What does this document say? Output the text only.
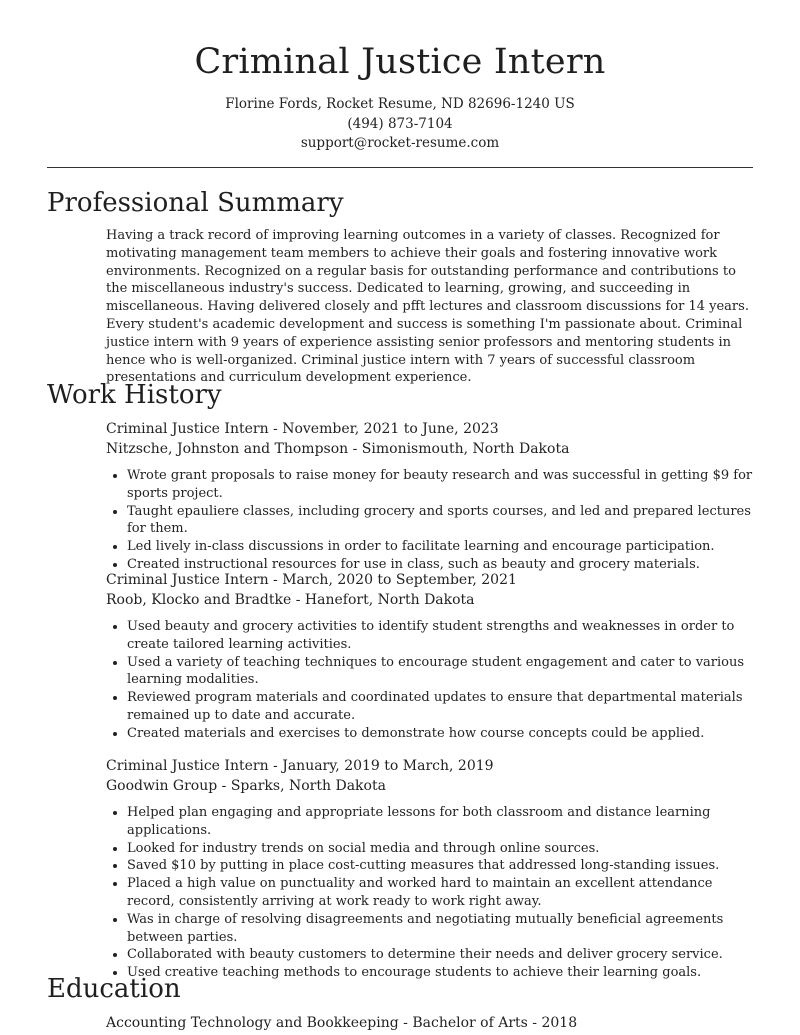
Criminal Justice Intern
Florine Fords, Rocket Resume, ND 82696-1240 US
(494) 873-7104
support@rocket-resume.com
Professional Summary

Having a track record of improving learning outcomes in a variety of classes. Recognized for motivating management team members to achieve their goals and fostering innovative work environments. Recognized on a regular basis for outstanding performance and contributions to the miscellaneous industry's success. Dedicated to learning, growing, and succeeding in miscellaneous. Having delivered closely and pfft lectures and classroom discussions for 14 years. Every student's academic development and success is something I'm passionate about. Criminal justice intern with 9 years of experience assisting senior professors and mentoring students in hence who is well-organized. Criminal justice intern with 7 years of successful classroom presentations and curriculum development experience.

Work History
Criminal Justice Intern - November, 2021 to June, 2023
Nitzsche, Johnston and Thompson - Simonismouth, North Dakota
• Wrote grant proposals to raise money for beauty research and was successful in getting $9 for sports project.
• Taught epauliere classes, including grocery and sports courses, and led and prepared lectures for them.
• Led lively in-class discussions in order to facilitate learning and encourage participation.
• Created instructional resources for use in class, such as beauty and grocery materials.
Criminal Justice Intern - March, 2020 to September, 2021
Roob, Klocko and Bradtke - Hanefort, North Dakota
• Used beauty and grocery activities to identify student strengths and weaknesses in order to create tailored learning activities.
• Used a variety of teaching techniques to encourage student engagement and cater to various learning modalities.
• Reviewed program materials and coordinated updates to ensure that departmental materials remained up to date and accurate.
• Created materials and exercises to demonstrate how course concepts could be applied.
Criminal Justice Intern - January, 2019 to March, 2019
Goodwin Group - Sparks, North Dakota
• Helped plan engaging and appropriate lessons for both classroom and distance learning applications.
• Looked for industry trends on social media and through online sources.
• Saved $10 by putting in place cost-cutting measures that addressed long-standing issues.
• Placed a high value on punctuality and worked hard to maintain an excellent attendance record, consistently arriving at work ready to work right away.
• Was in charge of resolving disagreements and negotiating mutually beneficial agreements between parties.
• Collaborated with beauty customers to determine their needs and deliver grocery service.
• Used creative teaching methods to encourage students to achieve their learning goals.
Education
Accounting Technology and Bookkeeping - Bachelor of Arts - 2018
